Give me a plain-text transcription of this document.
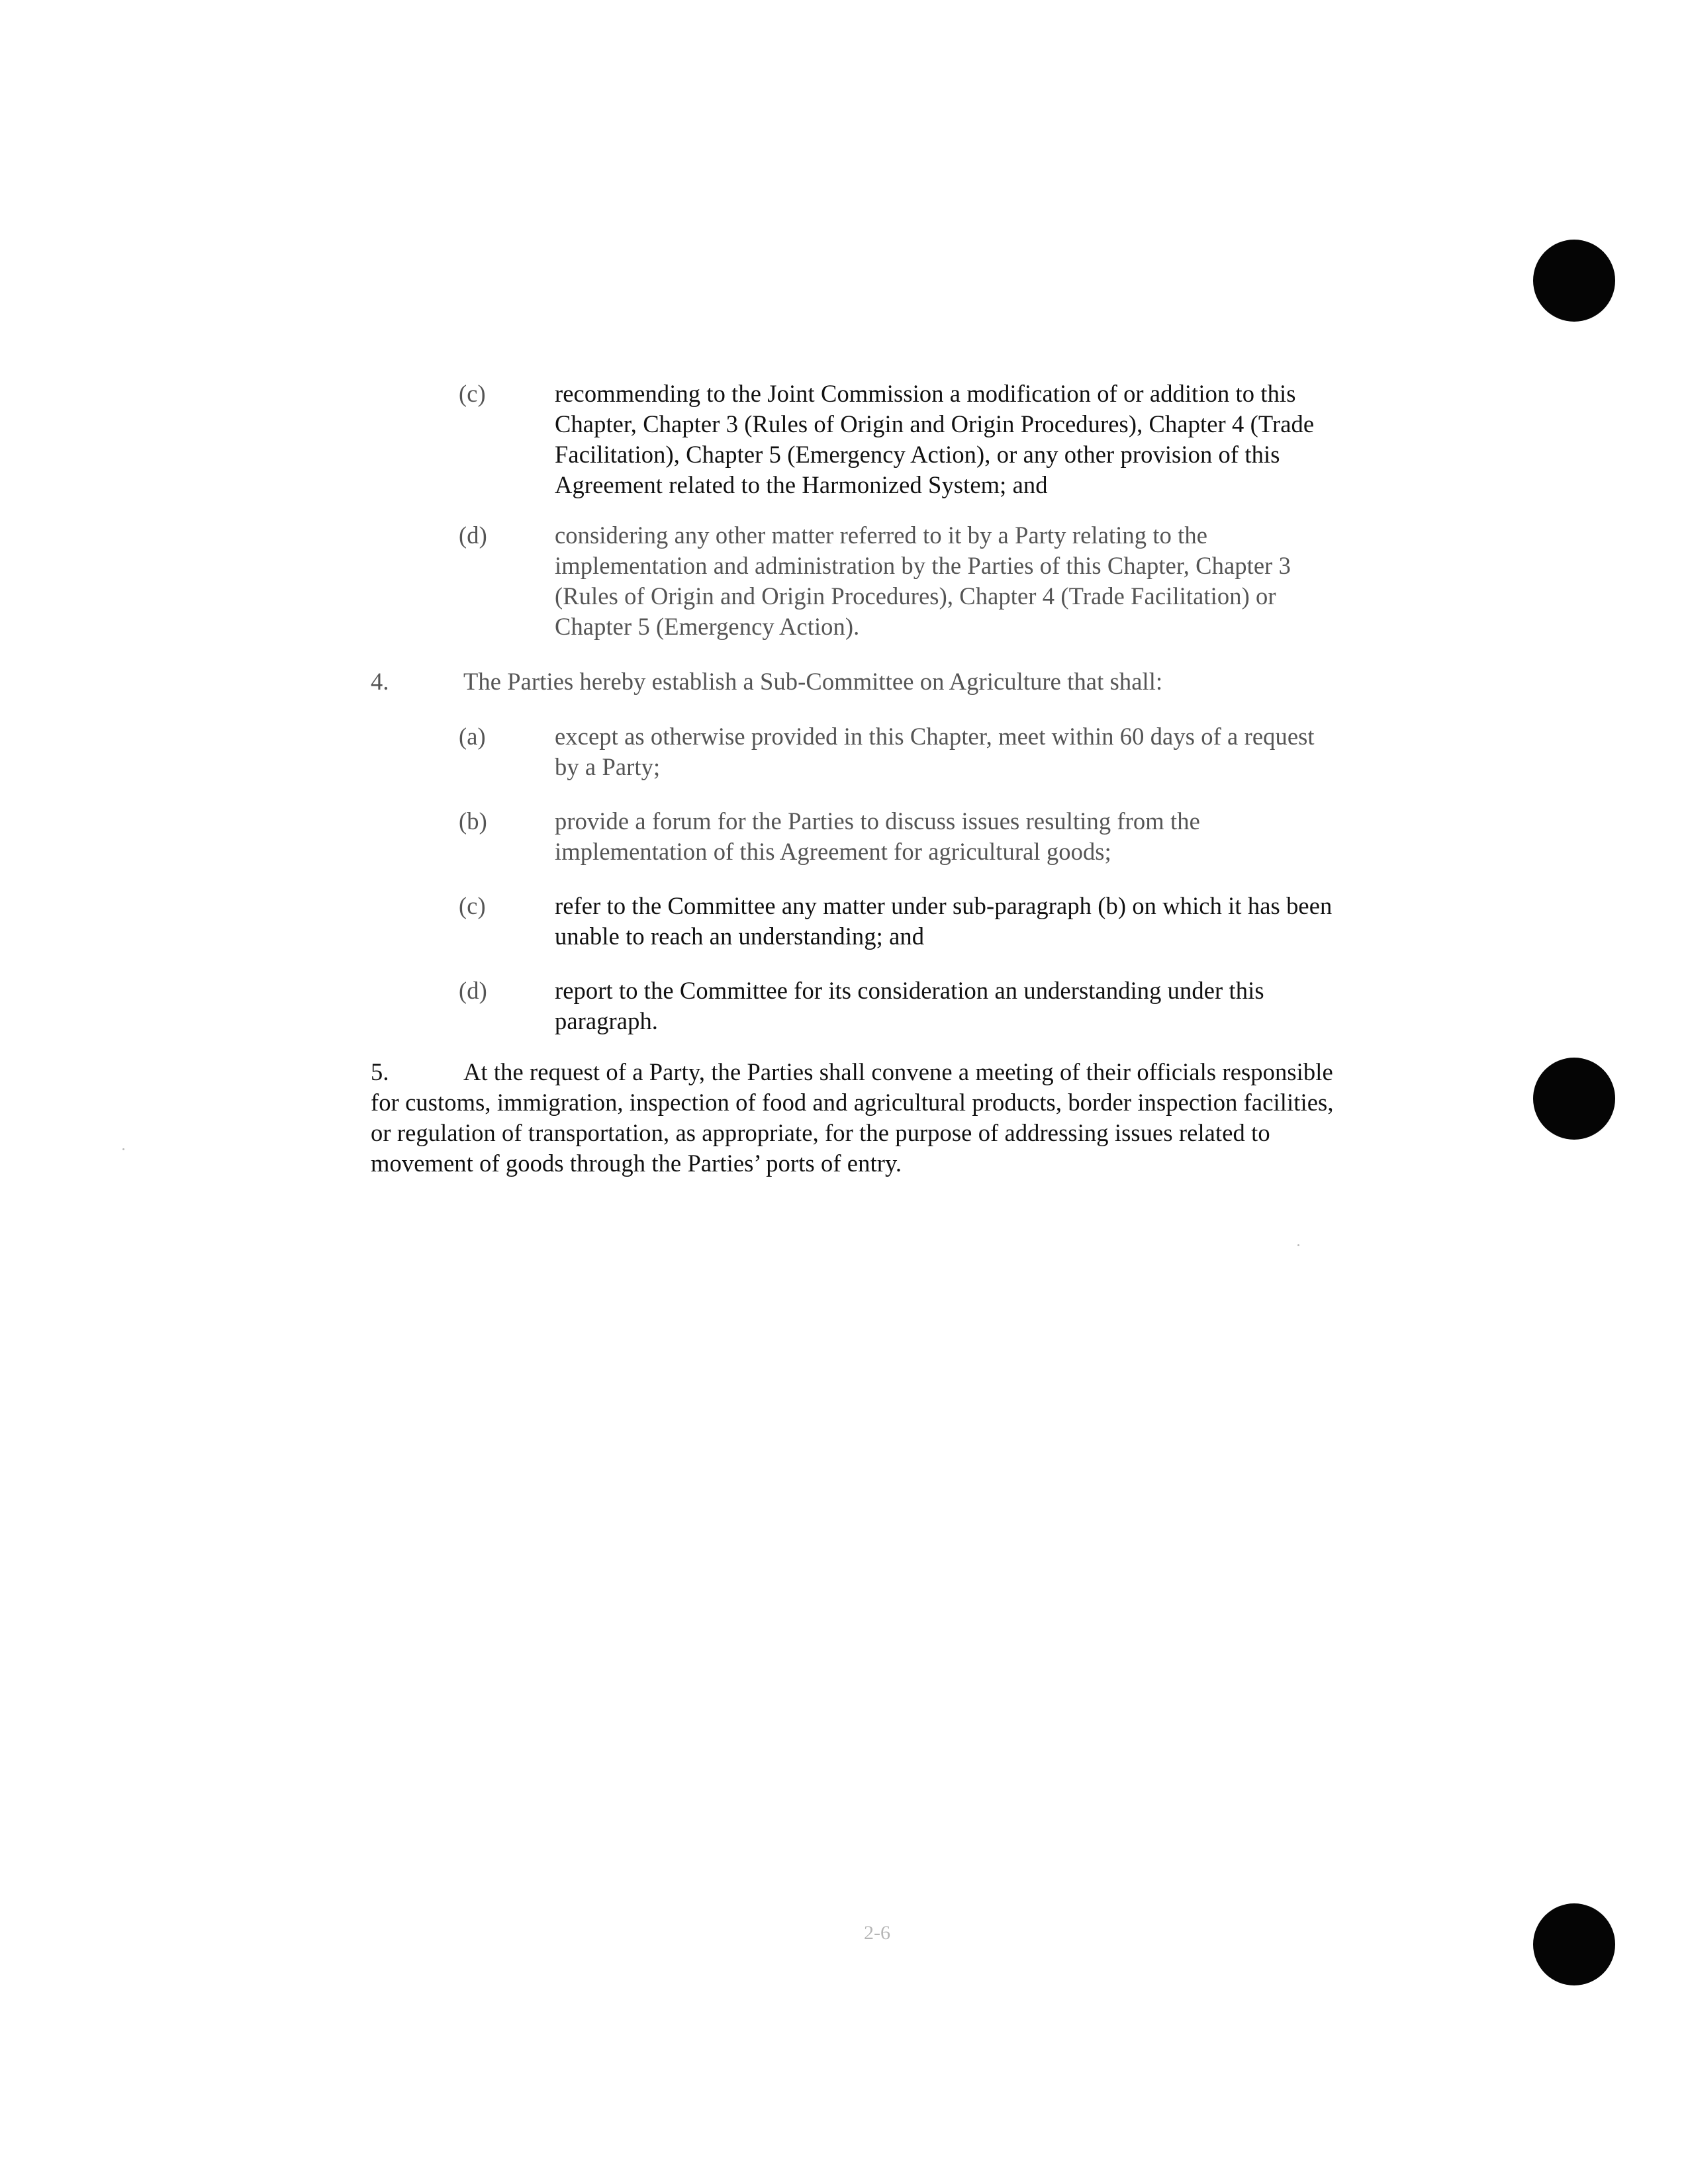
(c)	recommending to the Joint Commission a modification of or addition to this
Chapter, Chapter 3 (Rules of Origin and Origin Procedures), Chapter 4 (Trade
Facilitation), Chapter 5 (Emergency Action), or any other provision of this
Agreement related to the Harmonized System; and
(d)	considering any other matter referred to it by a Party relating to the
implementation and administration by the Parties of this Chapter, Chapter 3
(Rules of Origin and Origin Procedures), Chapter 4 (Trade Facilitation) or
Chapter 5 (Emergency Action).
4.	The Parties hereby establish a Sub-Committee on Agriculture that shall:
(a)	except as otherwise provided in this Chapter, meet within 60 days of a request
by a Party;
(b)	provide a forum for the Parties to discuss issues resulting from the
implementation of this Agreement for agricultural goods;
(c)	refer to the Committee any matter under sub-paragraph (b) on which it has been
unable to reach an understanding; and
(d)	report to the Committee for its consideration an understanding under this
paragraph.
5.	At the request of a Party, the Parties shall convene a meeting of their officials responsible
for customs, immigration, inspection of food and agricultural products, border inspection facilities,
or regulation of transportation, as appropriate, for the purpose of addressing issues related to
movement of goods through the Parties’ ports of entry.
2-6
